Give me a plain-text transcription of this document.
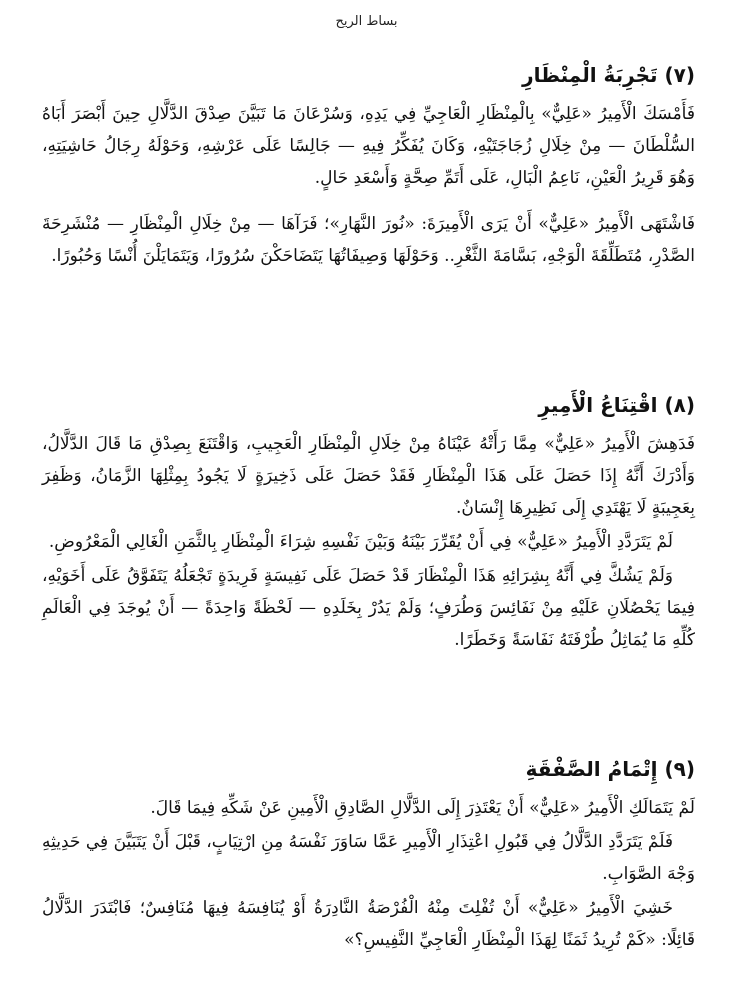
بساط الريح
(٧) تَجْرِبَةُ الْمِنْظَارِ

فَأَمْسَكَ الْأَمِيرُ «عَلِيٌّ» بِالْمِنْظَارِ الْعَاجِيِّ فِي يَدِهِ، وَسُرْعَانَ مَا تَبَيَّنَ صِدْقَ الدَّلَّالِ حِينَ أَبْصَرَ أَبَاهُ السُّلْطَانَ — مِنْ خِلَالِ زُجَاجَتَيْهِ، وَكَانَ يُفَكِّرُ فِيهِ — جَالِسًا عَلَى عَرْشِهِ، وَحَوْلَهُ رِجَالُ حَاشِيَتِهِ، وَهُوَ قَرِيرُ الْعَيْنِ، نَاعِمُ الْبَالِ، عَلَى أَتَمِّ صِحَّةٍ وَأَسْعَدِ حَالٍ.

فَاشْتَهَى الْأَمِيرُ «عَلِيٌّ» أَنْ يَرَى الْأَمِيرَةَ: «نُورَ النَّهَارِ»؛ فَرَآهَا — مِنْ خِلَالِ الْمِنْظَارِ — مُنْشَرِحَةَ الصَّدْرِ، مُتَطَلِّقَةَ الْوَجْهِ، بَسَّامَةَ الثَّغْرِ.. وَحَوْلَهَا وَصِيفَاتُهَا يَتَضَاحَكْنَ سُرُورًا، وَيَتَمَايَلْنَ أُنْسًا وَحُبُورًا.

(٨) اقْتِنَاعُ الْأَمِيرِ

فَدَهِشَ الْأَمِيرُ «عَلِيٌّ» مِمَّا رَأَتْهُ عَيْنَاهُ مِنْ خِلَالِ الْمِنْظَارِ الْعَجِيبِ، وَاقْتَنَعَ بِصِدْقِ مَا قَالَ الدَّلَّالُ، وَأَدْرَكَ أَنَّهُ إِذَا حَصَلَ عَلَى هَذَا الْمِنْظَارِ فَقَدْ حَصَلَ عَلَى ذَخِيرَةٍ لَا يَجُودُ بِمِثْلِهَا الزَّمَانُ، وَظَفِرَ بِعَجِيبَةٍ لَا يَهْتَدِي إِلَى نَظِيرِهَا إِنْسَانٌ.

لَمْ يَتَرَدَّدِ الْأَمِيرُ «عَلِيٌّ» فِي أَنْ يُقَرِّرَ بَيْنَهُ وَبَيْنَ نَفْسِهِ شِرَاءَ الْمِنْظَارِ بِالثَّمَنِ الْغَالِي الْمَعْرُوضِ.

وَلَمْ يَشُكَّ فِي أَنَّهُ بِشِرَائِهِ هَذَا الْمِنْظَارَ قَدْ حَصَلَ عَلَى نَفِيسَةٍ فَرِيدَةٍ تَجْعَلُهُ يَتَفَوَّقُ عَلَى أَخَوَيْهِ، فِيمَا يَحْصُلَانِ عَلَيْهِ مِنْ نَفَائِسَ وَطُرَفٍ؛ وَلَمْ يَدُرْ بِخَلَدِهِ — لَحْظَةً وَاحِدَةً — أَنْ يُوجَدَ فِي الْعَالَمِ كُلِّهِ مَا يُمَاثِلُ طُرْفَتَهُ نَفَاسَةً وَخَطَرًا.

(٩) إِتْمَامُ الصَّفْقَةِ

لَمْ يَتَمَالَكِ الْأَمِيرُ «عَلِيٌّ» أَنْ يَعْتَذِرَ إِلَى الدَّلَّالِ الصَّادِقِ الْأَمِينِ عَنْ شَكِّهِ فِيمَا قَالَ.

فَلَمْ يَتَرَدَّدِ الدَّلَّالُ فِي قَبُولِ اعْتِذَارِ الْأَمِيرِ عَمَّا سَاوَرَ نَفْسَهُ مِنِ ارْتِيَابٍ، قَبْلَ أَنْ يَتَبَيَّنَ فِي حَدِيثِهِ وَجْهَ الصَّوَابِ.

خَشِيَ الْأَمِيرُ «عَلِيٌّ» أَنْ تُفْلِتَ مِنْهُ الْفُرْصَةُ النَّادِرَةُ أَوْ يُنَافِسَهُ فِيهَا مُنَافِسٌ؛ فَابْتَدَرَ الدَّلَّالُ قَائِلًا: «كَمْ تُرِيدُ ثَمَنًا لِهَذَا الْمِنْظَارِ الْعَاجِيِّ النَّفِيسِ؟»
